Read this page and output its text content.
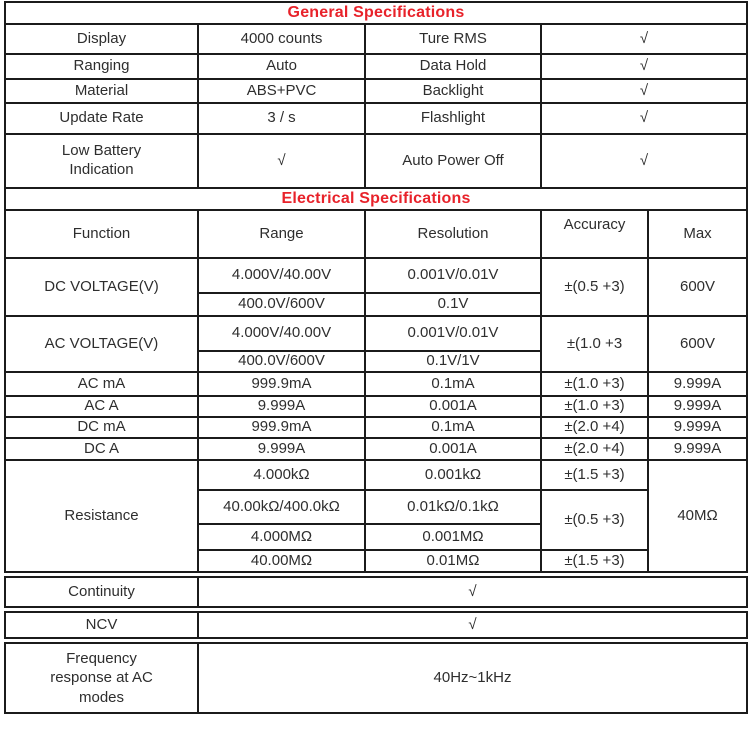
General Specifications				
Display	4000 counts	Ture RMS	√	
Ranging	Auto	Data Hold	√	
Material	ABS+PVC	Backlight	√	
Update Rate	3 / s	Flashlight	√	
Low Battery Indication	√	Auto Power Off	√	
Electrical Specifications				
Function	Range	Resolution	Accuracy	Max
DC VOLTAGE(V)	4.000V/40.00V	0.001V/0.01V	±(0.5 +3)	600V
	400.0V/600V	0.1V		
AC VOLTAGE(V)	4.000V/40.00V	0.001V/0.01V	±(1.0 +3	600V
	400.0V/600V	0.1V/1V		
AC mA	999.9mA	0.1mA	±(1.0 +3)	9.999A
AC A	9.999A	0.001A	±(1.0 +3)	9.999A
DC mA	999.9mA	0.1mA	±(2.0 +4)	9.999A
DC A	9.999A	0.001A	±(2.0 +4)	9.999A
Resistance	4.000kΩ	0.001kΩ	±(1.5 +3)	40MΩ
	40.00kΩ/400.0kΩ	0.01kΩ/0.1kΩ	±(0.5 +3)	
	4.000MΩ	0.001MΩ		
	40.00MΩ	0.01MΩ	±(1.5 +3)	
Continuity	√
NCV	√
Frequency response at AC modes	40Hz~1kHz
